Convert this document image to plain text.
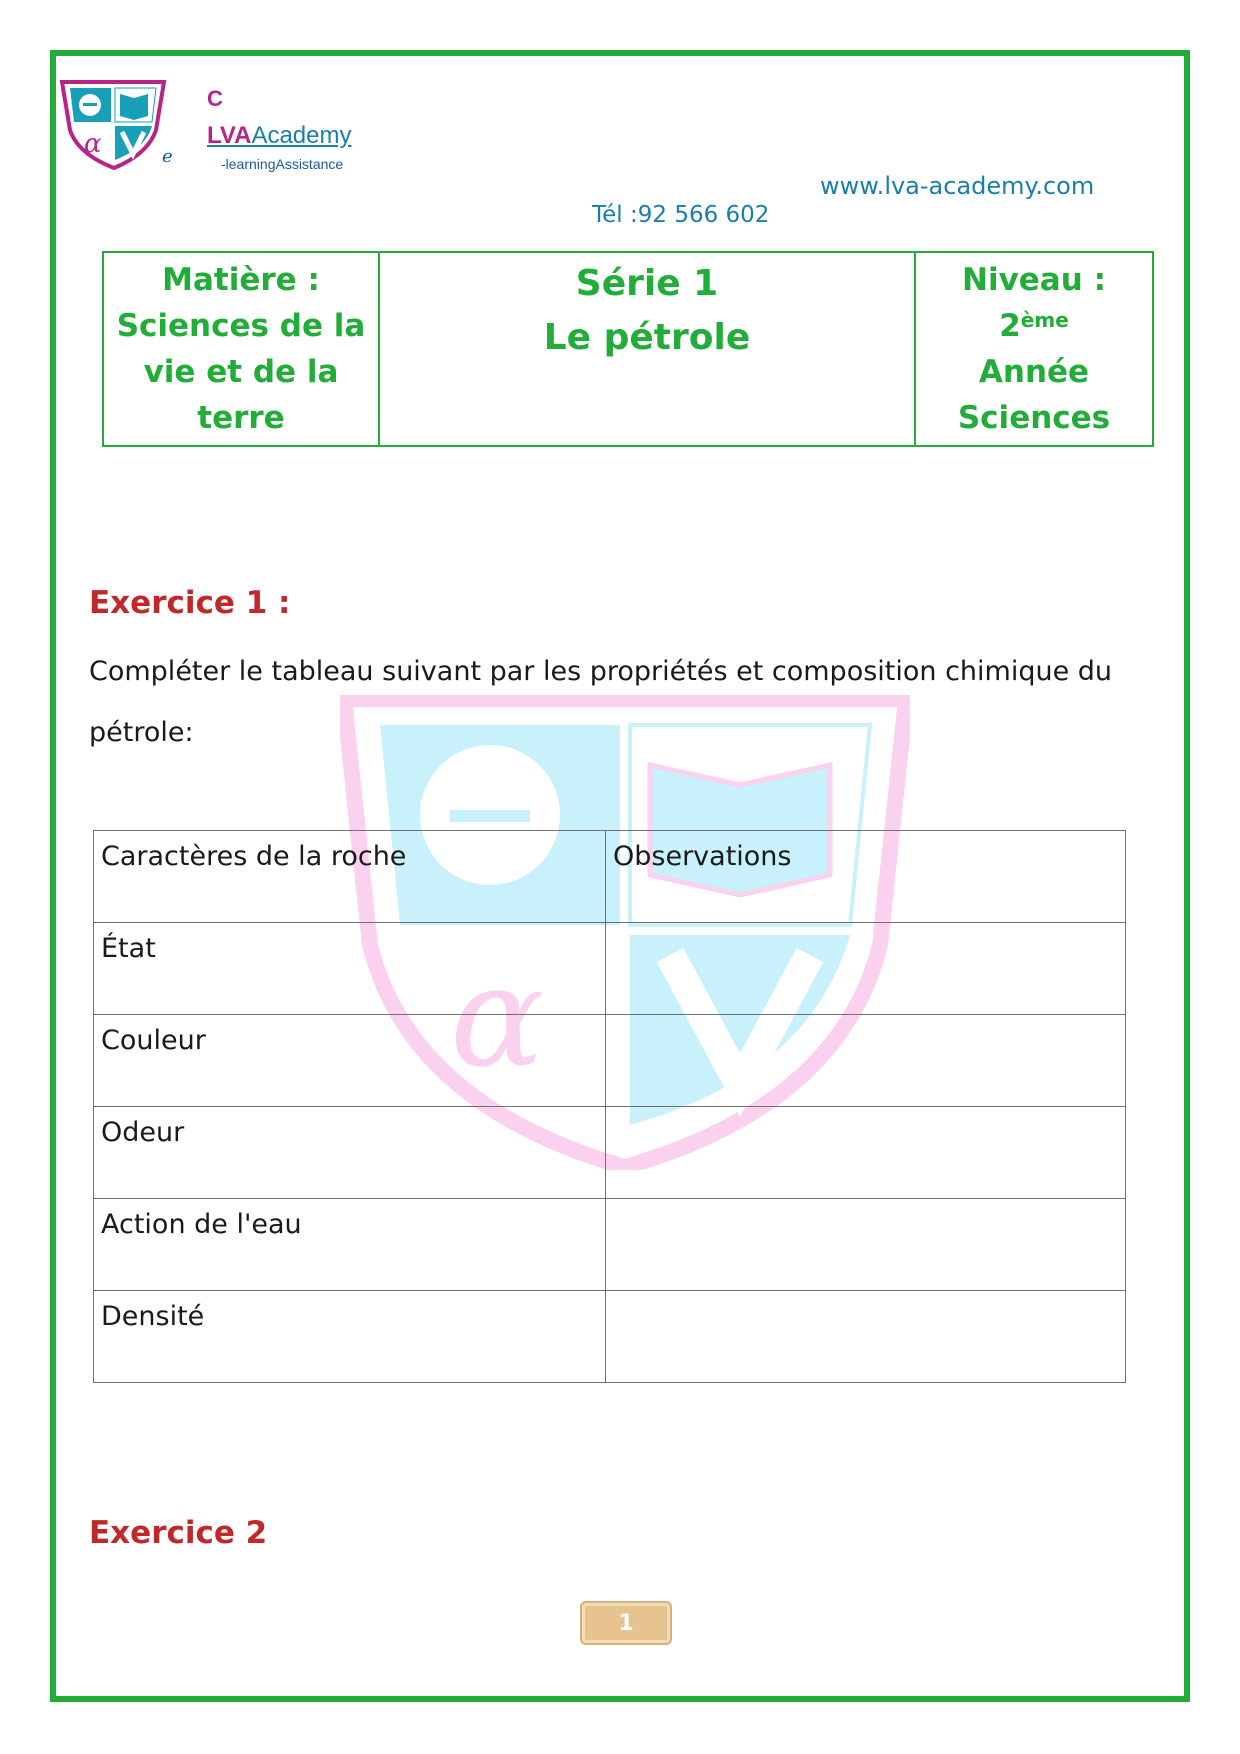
α	e
C
LVAAcademy
-learningAssistance
www.lva-academy.com
Tél :92 566 602
Matière :
Sciences de la
vie et de la
terre

Série 1
Le pétrole

Niveau : 2ème
Année
Sciences
α
Exercice 1 :
Compléter le tableau suivant par les propriétés et composition chimique du pétrole:
Caractères de la roche	Observations
État	
Couleur	
Odeur	
Action de l'eau	
Densité	
Exercice 2
1
